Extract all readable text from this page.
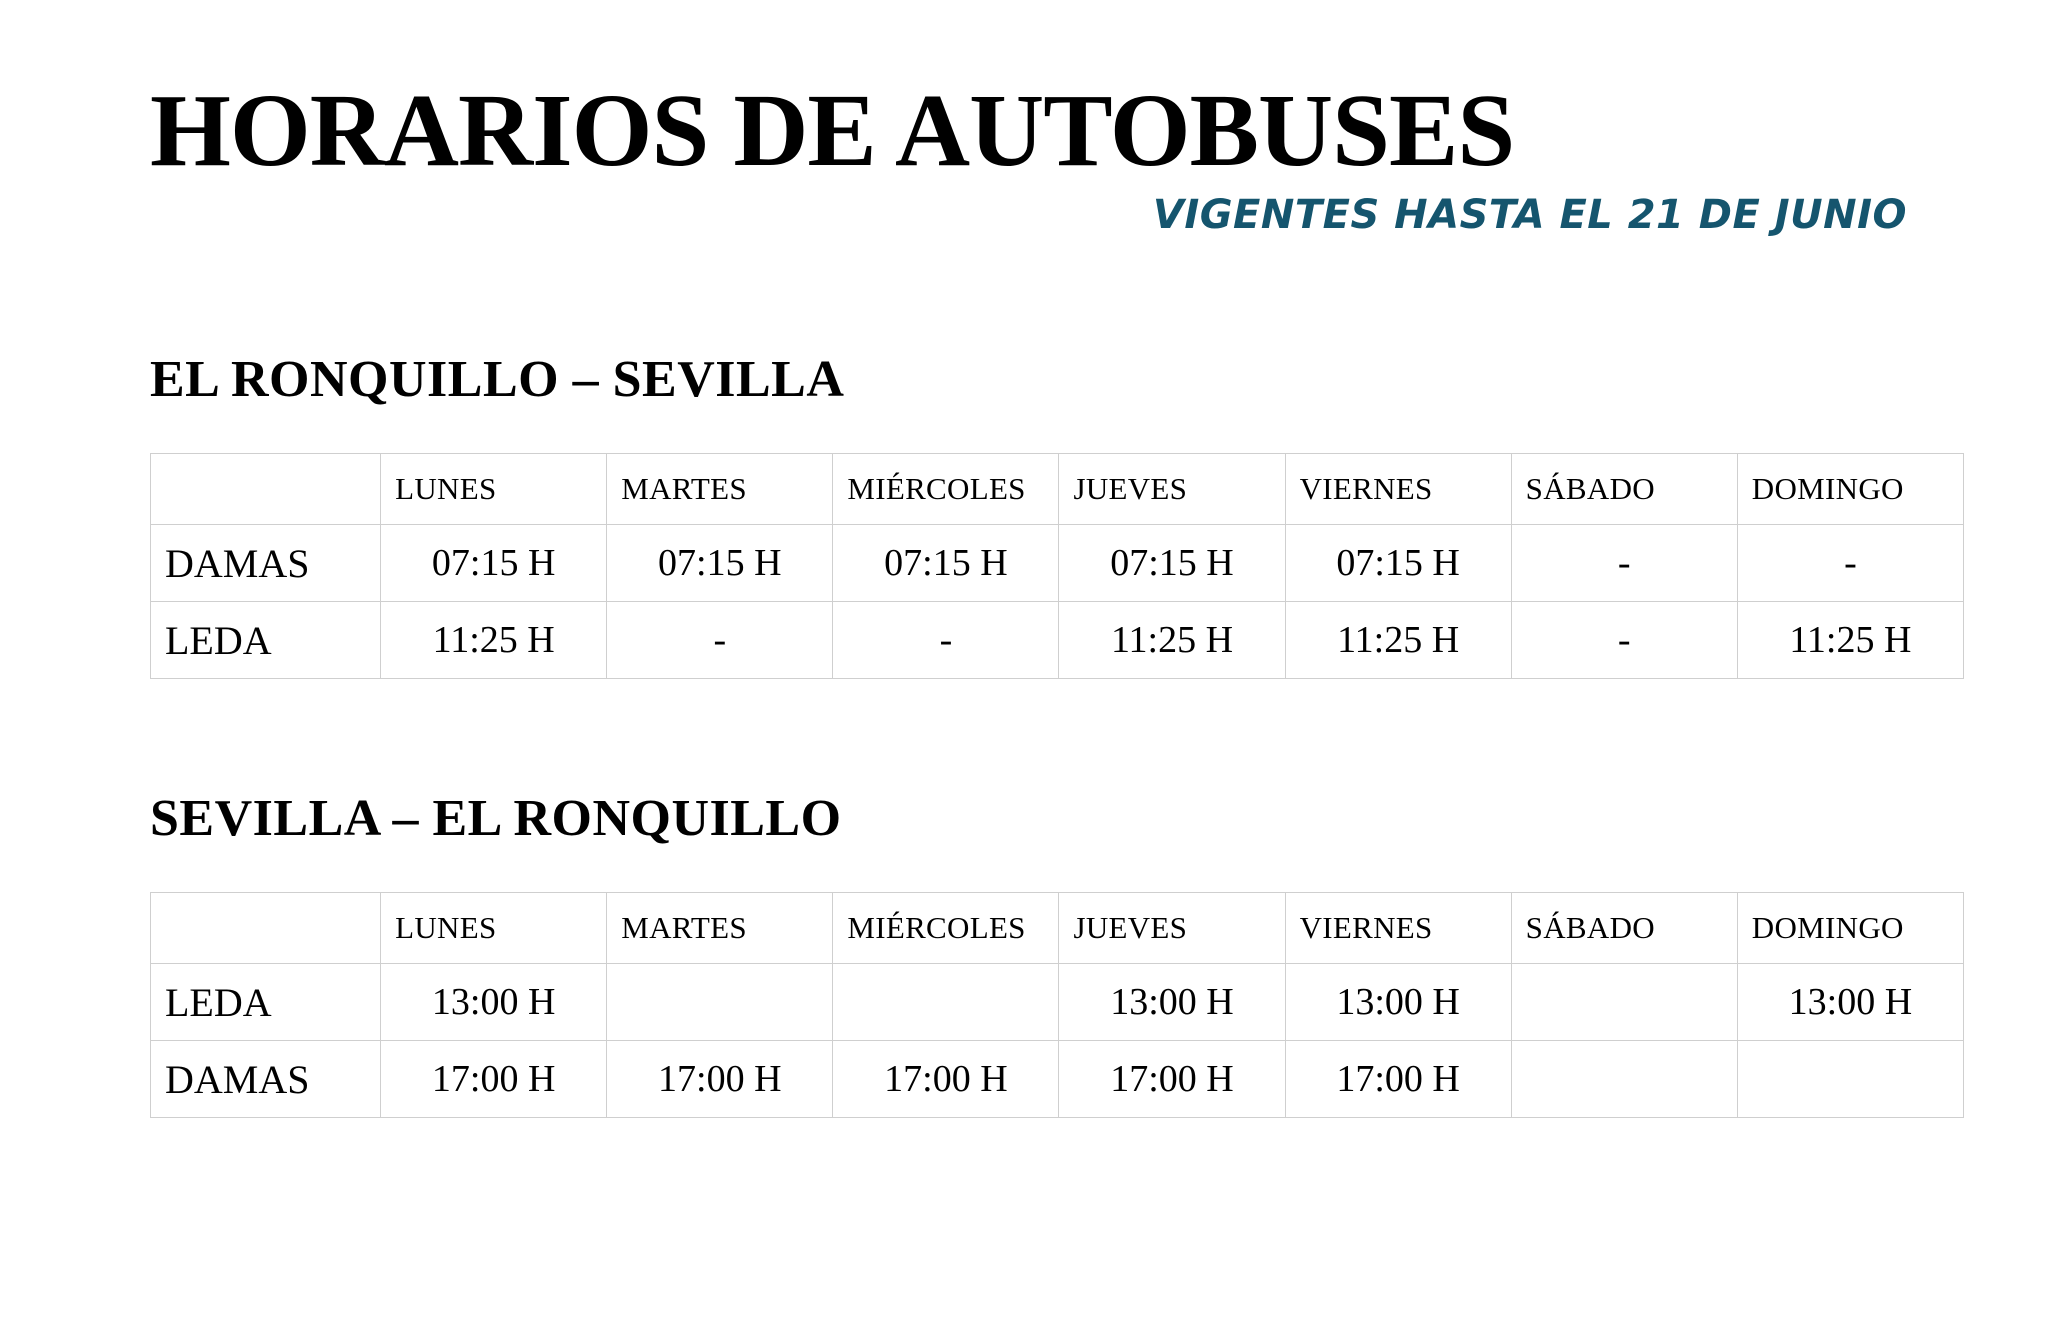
HORARIOS DE AUTOBUSES
VIGENTES HASTA EL 21 DE JUNIO
EL RONQUILLO – SEVILLA
	LUNES	MARTES	MIÉRCOLES	JUEVES	VIERNES	SÁBADO	DOMINGO
DAMAS	07:15 H	07:15 H	07:15 H	07:15 H	07:15 H	-	-
LEDA	11:25 H	-	-	11:25 H	11:25 H	-	11:25 H
SEVILLA – EL RONQUILLO
	LUNES	MARTES	MIÉRCOLES	JUEVES	VIERNES	SÁBADO	DOMINGO
LEDA	13:00 H			13:00 H	13:00 H		13:00 H
DAMAS	17:00 H	17:00 H	17:00 H	17:00 H	17:00 H		
